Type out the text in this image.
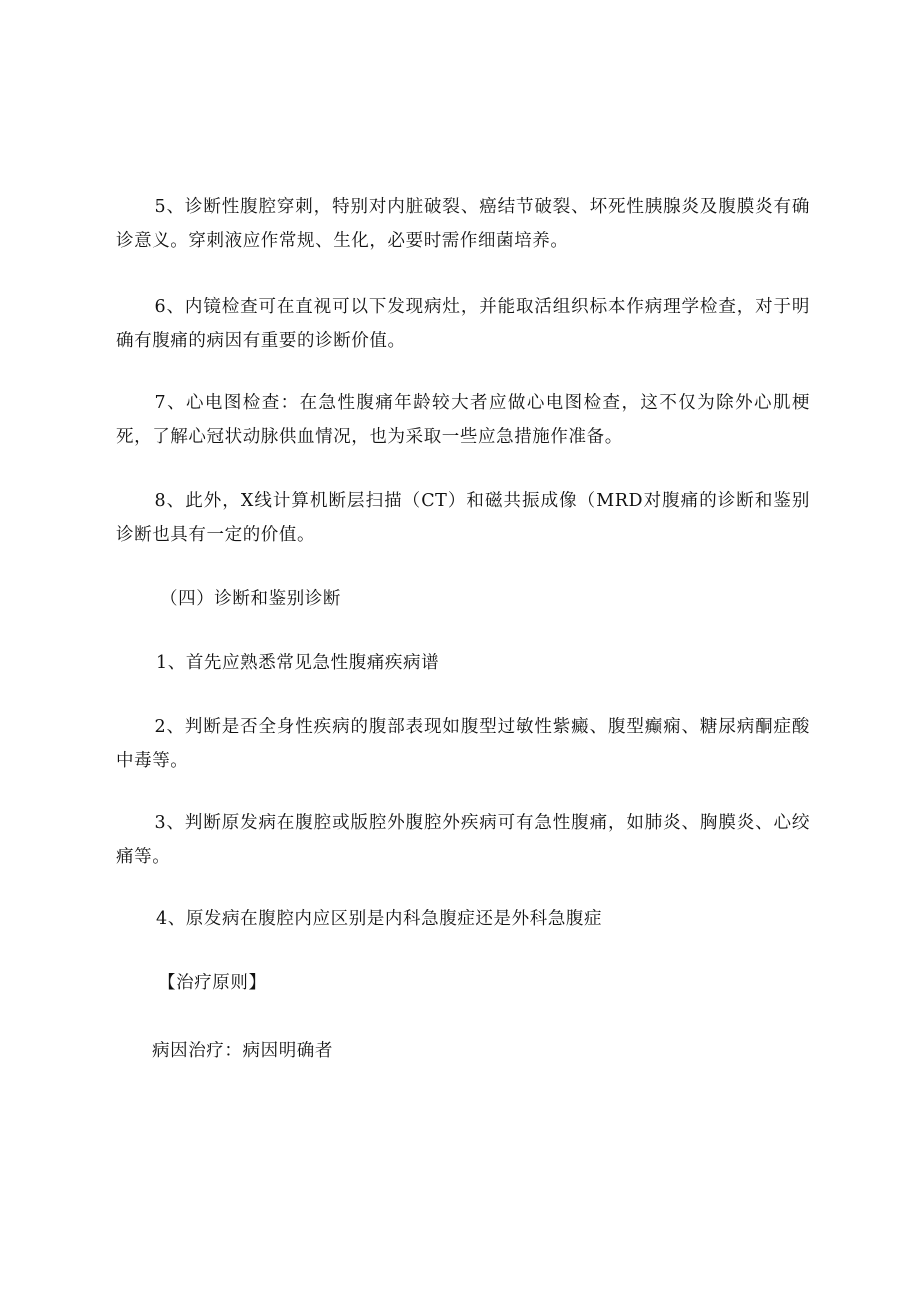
5、诊断性腹腔穿刺，特别对内脏破裂、癌结节破裂、坏死性胰腺炎及腹膜炎有确诊意义。穿刺液应作常规、生化，必要时需作细菌培养。

6、内镜检查可在直视可以下发现病灶，并能取活组织标本作病理学检查，对于明确有腹痛的病因有重要的诊断价值。

7、心电图检查：在急性腹痛年龄较大者应做心电图检查，这不仅为除外心肌梗死，了解心冠状动脉供血情况，也为采取一些应急措施作准备。

8、此外，X线计算机断层扫描（CT）和磁共振成像（MRD对腹痛的诊断和鉴别诊断也具有一定的价值。

（四）诊断和鉴别诊断

1、首先应熟悉常见急性腹痛疾病谱

2、判断是否全身性疾病的腹部表现如腹型过敏性紫癜、腹型癫痫、糖尿病酮症酸中毒等。

3、判断原发病在腹腔或版腔外腹腔外疾病可有急性腹痛，如肺炎、胸膜炎、心绞痛等。

4、原发病在腹腔内应区别是内科急腹症还是外科急腹症

【治疗原则】

病因治疗：病因明确者
